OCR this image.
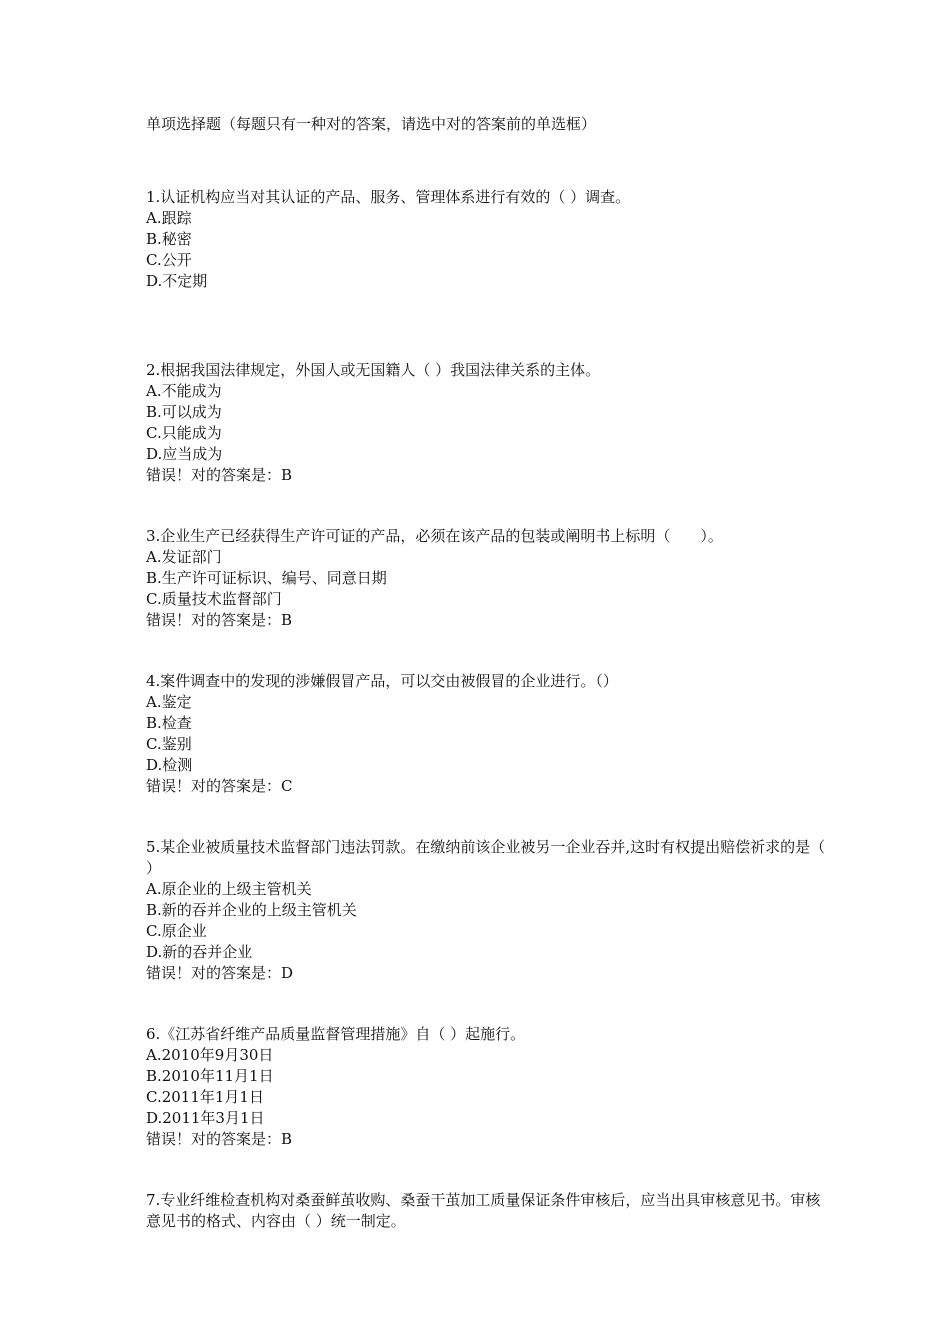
单项选择题（每题只有一种对的答案，请选中对的答案前的单选框）

1.认证机构应当对其认证的产品、服务、管理体系进行有效的（ ）调查。

A.跟踪

B.秘密

C.公开

D.不定期

2.根据我国法律规定，外国人或无国籍人（ ）我国法律关系的主体。

A.不能成为

B.可以成为

C.只能成为

D.应当成为

错误！对的答案是：B

3.企业生产已经获得生产许可证的产品，必须在该产品的包装或阐明书上标明（　　）。

A.发证部门

B.生产许可证标识、编号、同意日期

C.质量技术监督部门

错误！对的答案是：B

4.案件调查中的发现的涉嫌假冒产品，可以交由被假冒的企业进行。（）

A.鉴定

B.检查

C.鉴别

D.检测

错误！对的答案是：C

5.某企业被质量技术监督部门违法罚款。在缴纳前该企业被另一企业吞并,这时有权提出赔偿祈求的是（ ）

A.原企业的上级主管机关

B.新的吞并企业的上级主管机关

C.原企业

D.新的吞并企业

错误！对的答案是：D

6.《江苏省纤维产品质量监督管理措施》自（ ）起施行。

A.2010年9月30日

B.2010年11月1日

C.2011年1月1日

D.2011年3月1日

错误！对的答案是：B

7.专业纤维检查机构对桑蚕鲜茧收购、桑蚕干茧加工质量保证条件审核后，应当出具审核意见书。审核意见书的格式、内容由（ ）统一制定。
